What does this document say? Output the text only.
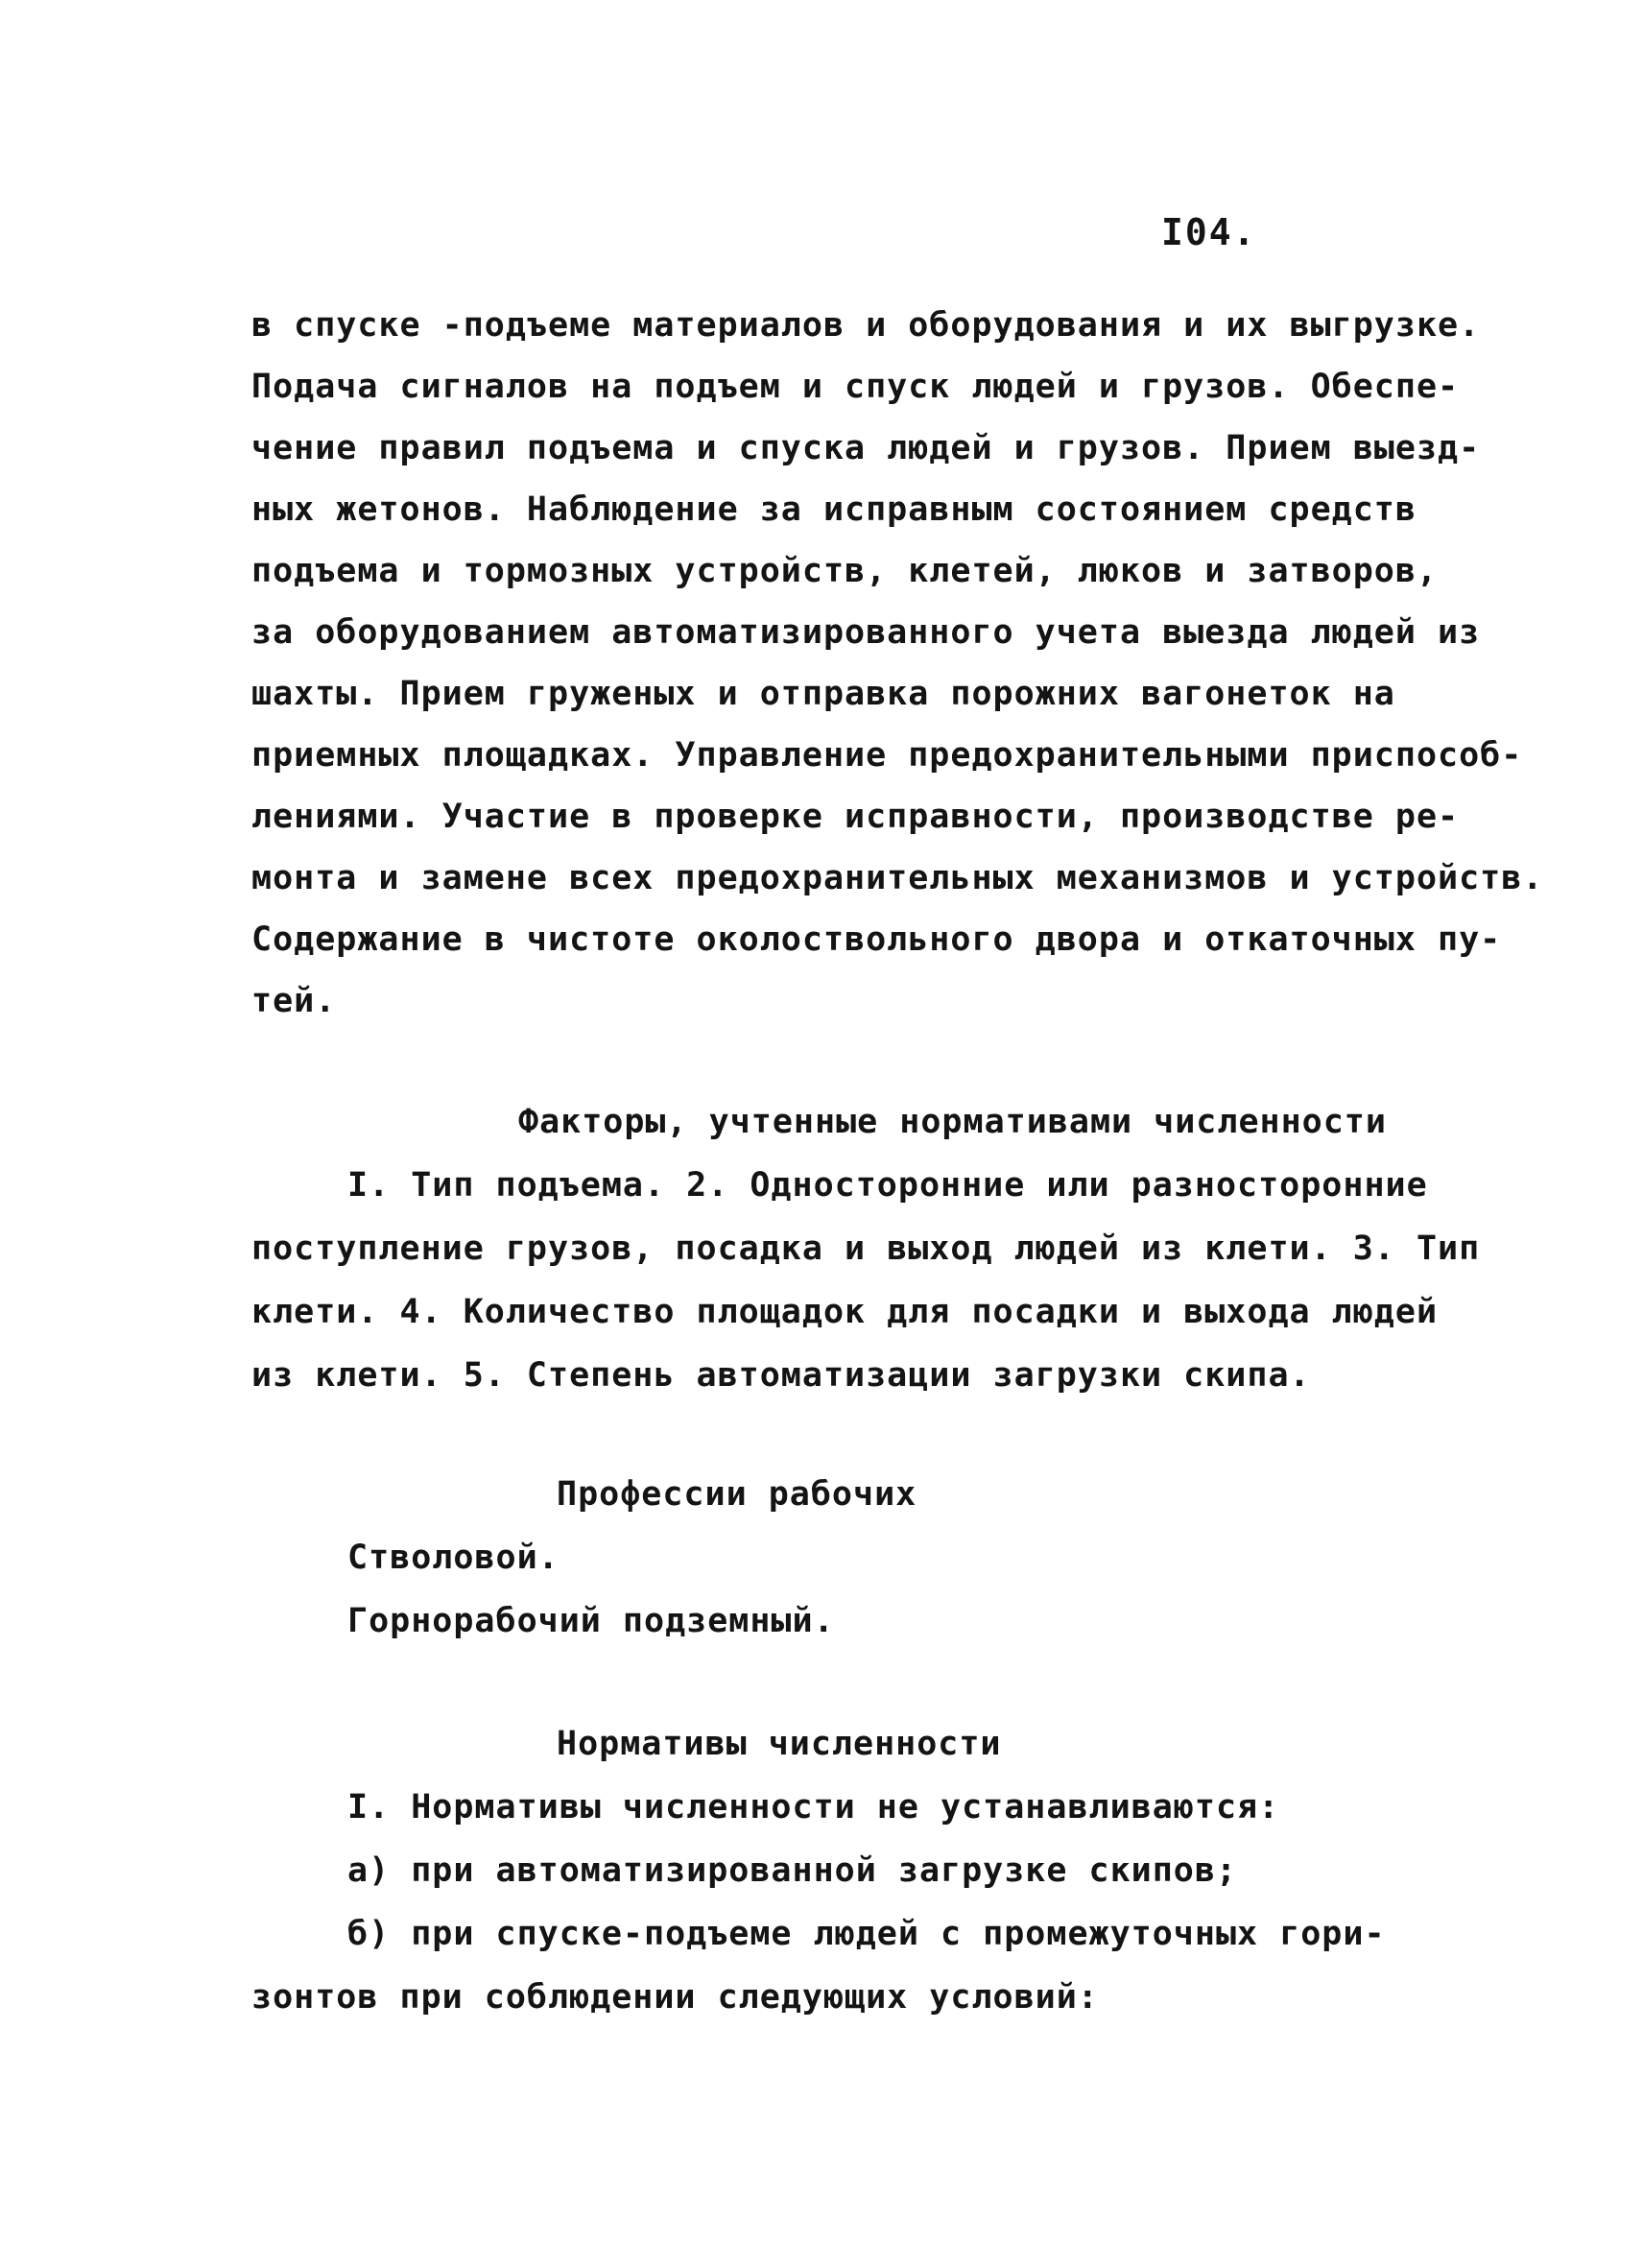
I04.
в спуске -подъеме материалов и оборудования и их выгрузке.
Подача сигналов на подъем и спуск людей и грузов. Обеспе-
чение правил подъема и спуска людей и грузов. Прием выезд-
ных жетонов. Наблюдение за исправным состоянием средств
подъема и тормозных устройств, клетей, люков и затворов,
за оборудованием автоматизированного учета выезда людей из
шахты. Прием груженых и отправка порожних вагонеток на
приемных площадках. Управление предохранительными приспособ-
лениями. Участие в проверке исправности, производстве ре-
монта и замене всех предохранительных механизмов и устройств.
Содержание в чистоте околоствольного двора и откаточных пу-
тей.
Факторы, учтенные нормативами численности
I. Тип подъема. 2. Односторонние или разносторонние
поступление грузов, посадка и выход людей из клети. 3. Тип
клети. 4. Количество площадок для посадки и выхода людей
из клети. 5. Степень автоматизации загрузки скипа.
Профессии рабочих
Стволовой.
Горнорабочий подземный.
Нормативы численности
I. Нормативы численности не устанавливаются:
а) при автоматизированной загрузке скипов;
б) при спуске-подъеме людей с промежуточных гори-
зонтов при соблюдении следующих условий:
